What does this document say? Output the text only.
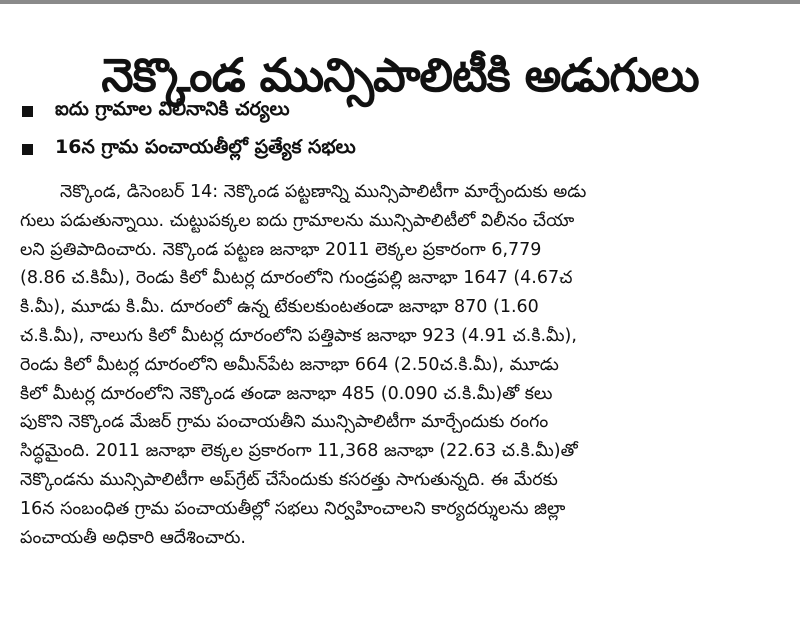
నెక్కొండ మున్సిపాలిటీకి అడుగులు
ఐదు గ్రామాల విలీనానికి చర్యలు
16న గ్రామ పంచాయతీల్లో ప్రత్యేక సభలు
నెక్కొండ, డిసెంబర్ 14: నెక్కొండ పట్టణాన్ని మున్సిపాలిటీగా మార్చేందుకు అడు
గులు పడుతున్నాయి. చుట్టుపక్కల ఐదు గ్రామాలను మున్సిపాలిటీలో విలీనం చేయా
లని ప్రతిపాదించారు. నెక్కొండ పట్టణ జనాభా 2011 లెక్కల ప్రకారంగా 6,779
(8.86 చ.కిమీ), రెండు కిలో మీటర్ల దూరంలోని గుండ్రపల్లి జనాభా 1647 (4.67చ
కి.మీ), మూడు కి.మీ. దూరంలో ఉన్న టేకులకుంటతండా జనాభా 870 (1.60
చ.కి.మీ), నాలుగు కిలో మీటర్ల దూరంలోని పత్తిపాక జనాభా 923 (4.91 చ.కి.మీ),
రెండు కిలో మీటర్ల దూరంలోని అమీన్‌పేట జనాభా 664 (2.50చ.కి.మీ), మూడు
కిలో మీటర్ల దూరంలోని నెక్కొండ తండా జనాభా 485 (0.090 చ.కి.మీ)తో కలు
పుకొని నెక్కొండ మేజర్ గ్రామ పంచాయతీని మున్సిపాలిటీగా మార్చేందుకు రంగం
సిద్ధమైంది. 2011 జనాభా లెక్కల ప్రకారంగా 11,368 జనాభా (22.63 చ.కి.మీ)తో
నెక్కొండను మున్సిపాలిటీగా అప్‌గ్రేట్ చేసేందుకు కసరత్తు సాగుతున్నది. ఈ మేరకు
16న సంబంధిత గ్రామ పంచాయతీల్లో సభలు నిర్వహించాలని కార్యదర్శులను జిల్లా
పంచాయతీ అధికారి ఆదేశించారు.
